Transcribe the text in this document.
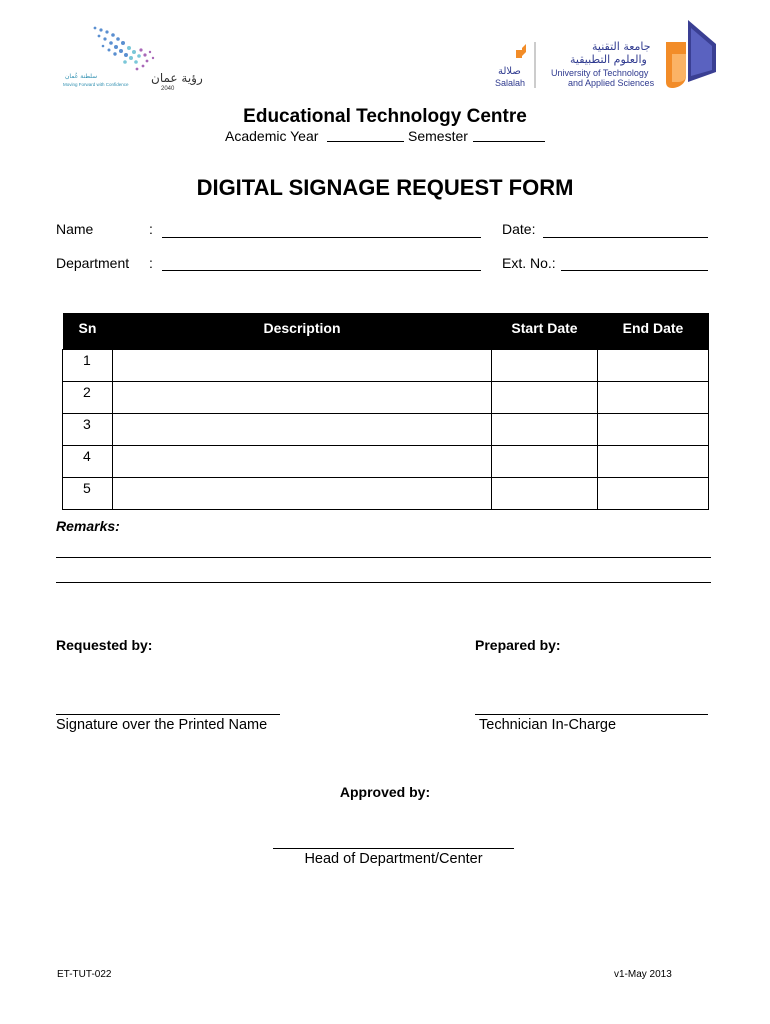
رؤية عمان
2040
سلطنة عُمان
Moving Forward with Confidence
صلالة
Salalah
جامعة التقنية
والعلوم التطبيقية
University of Technology
and Applied Sciences
Educational Technology Centre
Academic Year	Semester
DIGITAL SIGNAGE REQUEST FORM
Name	:	Date:
Department :	Ext. No.:
Sn	Description	Start Date	End Date
1			
2			
3			
4			
5			
Remarks:
Requested by:
Signature over the Printed Name
Prepared by:
Technician In-Charge
Approved by:
Head of Department/Center
ET-TUT-022	v1-May 2013
